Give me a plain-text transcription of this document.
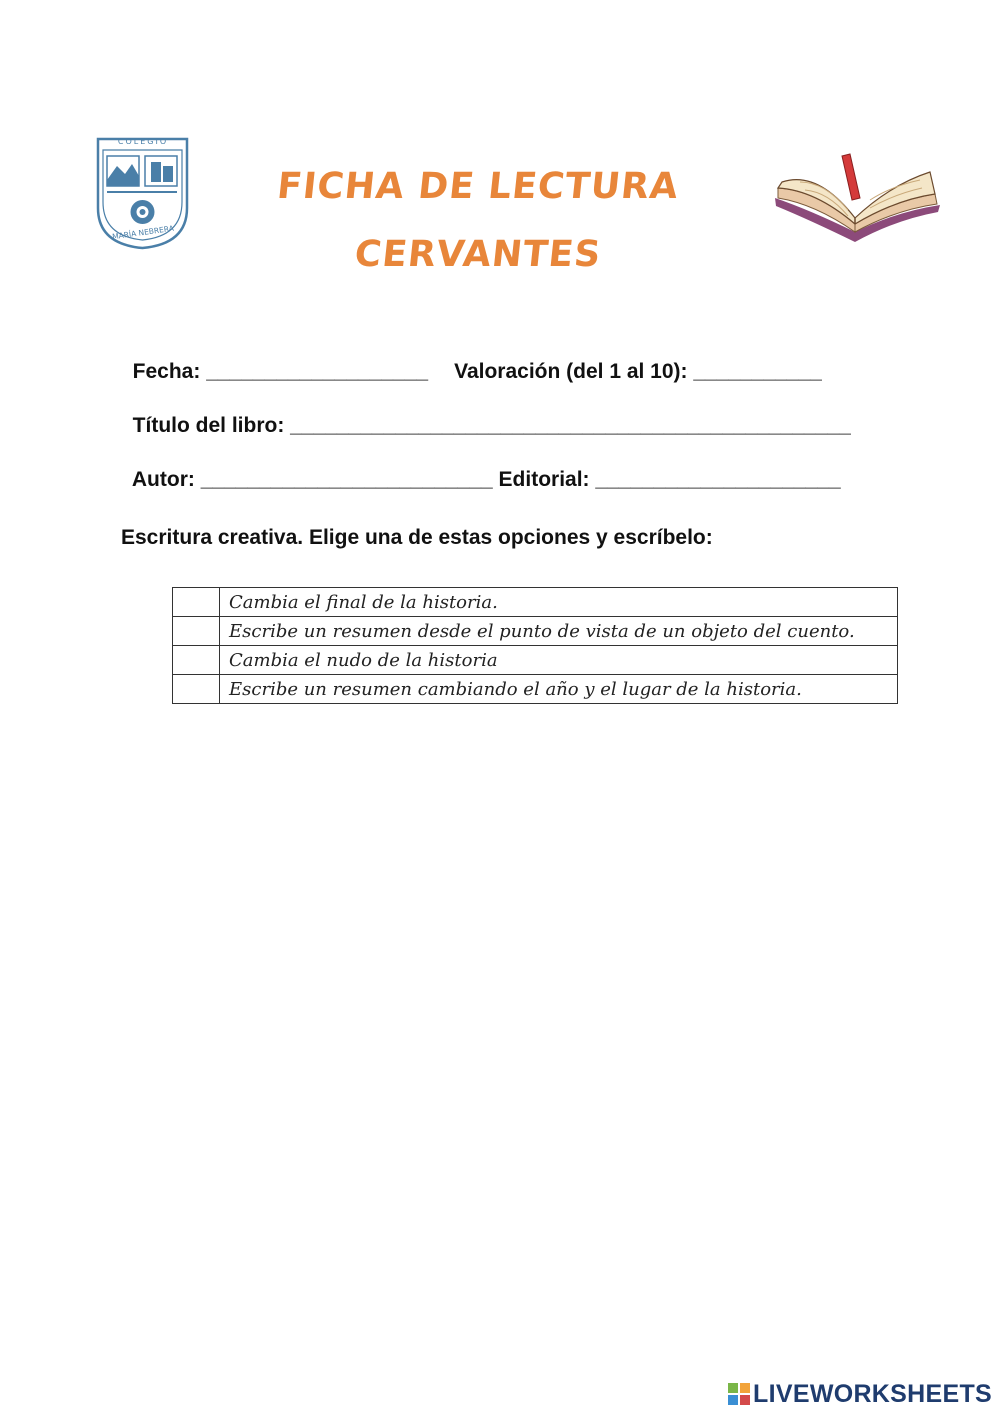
COLEGIO
MARÍA NEBRERA
FICHA DE LECTURA
CERVANTES

Fecha: ___________________ Valoración (del 1 al 10): ___________

Título del libro: ________________________________________________

Autor: _________________________ Editorial: _____________________

Escritura creativa. Elige una de estas opciones y escríbelo:
	Cambia el final de la historia.
	Escribe un resumen desde el punto de vista de un objeto del cuento.
	Cambia el nudo de la historia
	Escribe un resumen cambiando el año y el lugar de la historia.
LIVEWORKSHEETS
